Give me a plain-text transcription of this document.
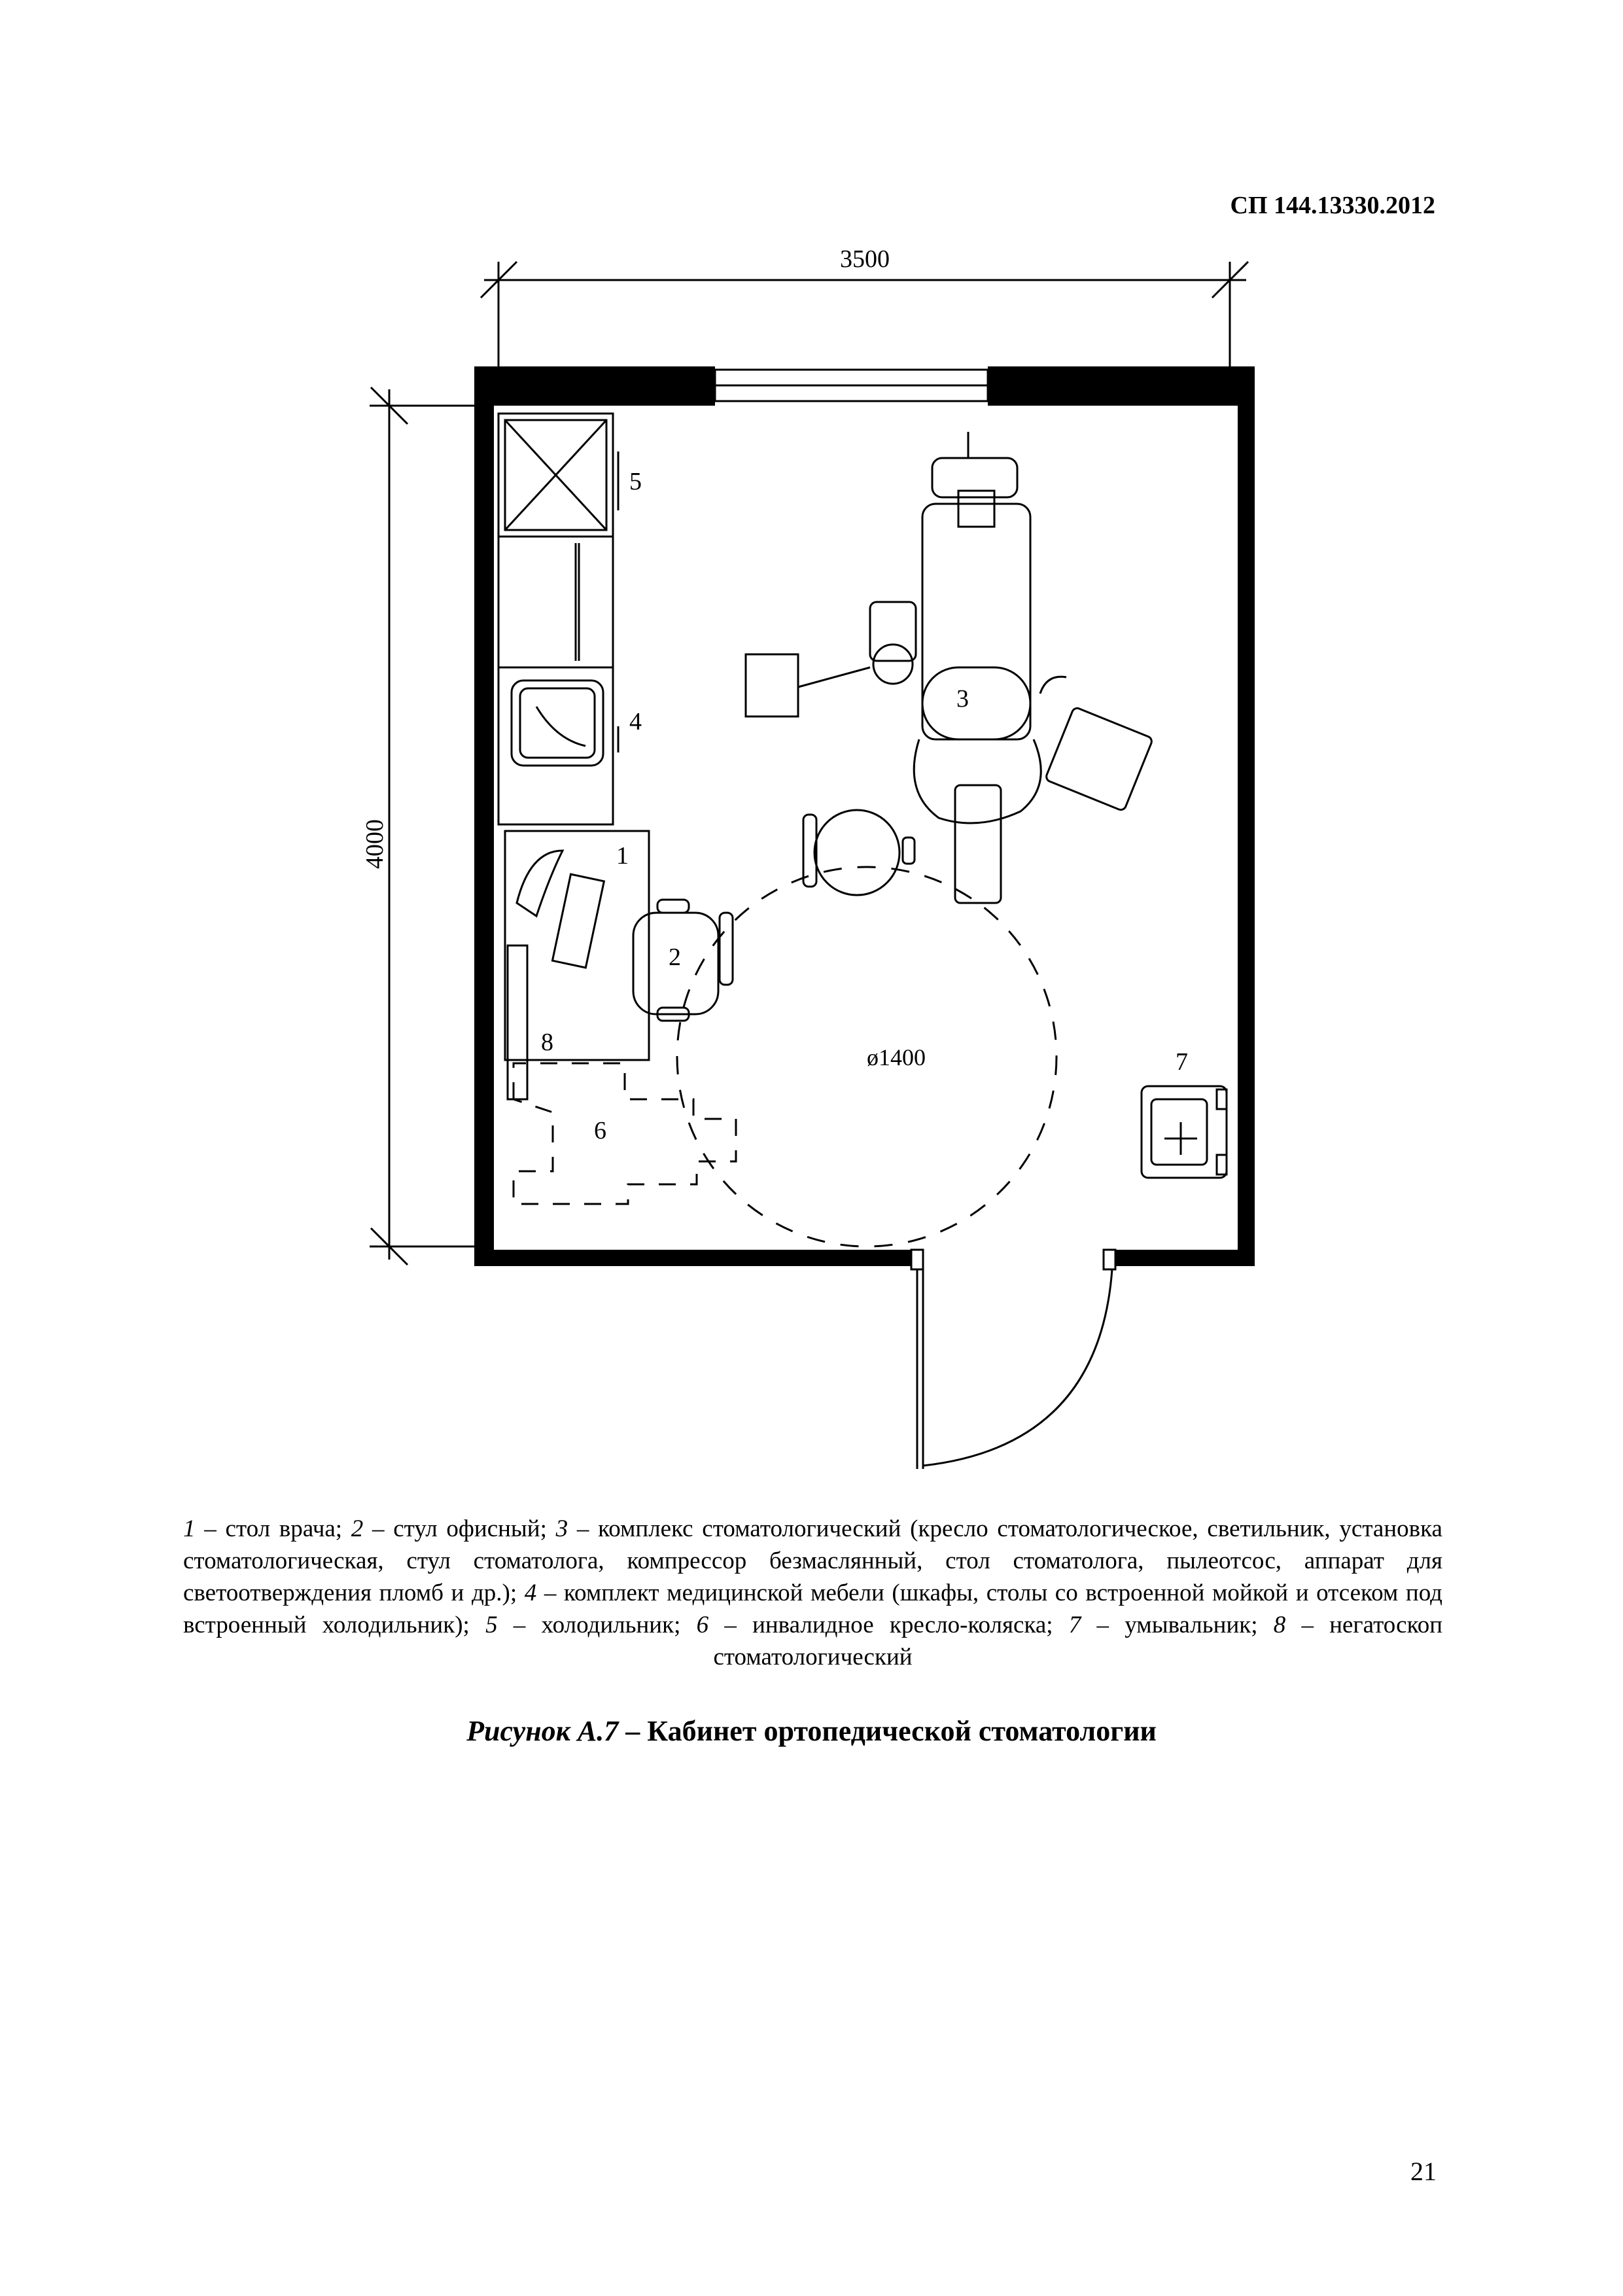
СП 144.13330.2012
3500
4000
ø1400
1
2
3
4
5
6
7
8
1 – стол врача; 2 – стул офисный; 3 – комплекс стоматологический (кресло стоматологическое, светильник, установка стоматологическая, стул стоматолога, компрессор безмаслянный, стол стоматолога, пылеотсос, аппарат для светоотверждения пломб и др.); 4 – комплект медицинской мебели (шкафы, столы со встроенной мойкой и отсеком под встроенный холодильник); 5 – холодильник; 6 – инвалидное кресло-коляска; 7 – умывальник; 8 – негатоскоп стоматологический
Рисунок А.7 – Кабинет ортопедической стоматологии
21
